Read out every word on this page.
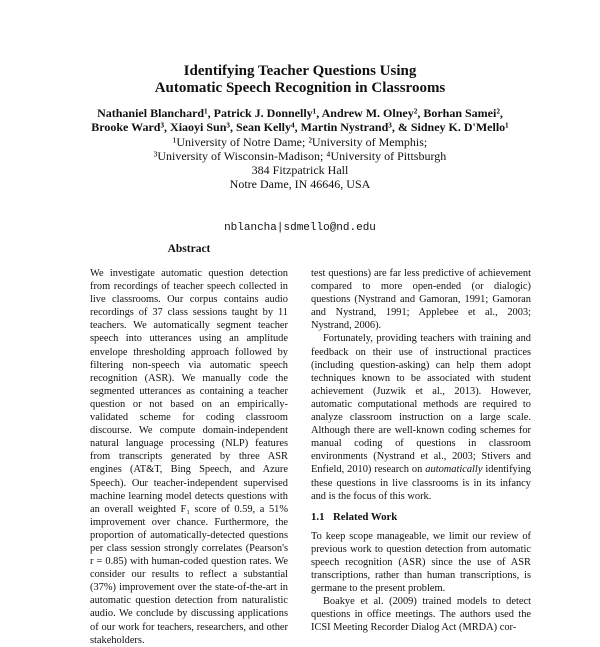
Identifying Teacher Questions Using
Automatic Speech Recognition in Classrooms
Nathaniel Blanchard¹, Patrick J. Donnelly¹, Andrew M. Olney², Borhan Samei²,
Brooke Ward³, Xiaoyi Sun³, Sean Kelly⁴, Martin Nystrand³, & Sidney K. D'Mello¹
¹University of Notre Dame; ²University of Memphis;
³University of Wisconsin-Madison; ⁴University of Pittsburgh
384 Fitzpatrick Hall
Notre Dame, IN 46646, USA
nblancha|sdmello@nd.edu
Abstract

We investigate automatic question detection from recordings of teacher speech collected in live classrooms. Our corpus contains audio recordings of 37 class sessions taught by 11 teachers. We automatically segment teacher speech into utterances using an amplitude envelope thresholding approach followed by filtering non-speech via automatic speech recognition (ASR). We manually code the segmented utterances as containing a teacher question or not based on an empirically-validated scheme for coding classroom discourse. We compute domain-independent natural language processing (NLP) features from transcripts generated by three ASR engines (AT&T, Bing Speech, and Azure Speech). Our teacher-independent supervised machine learning model detects questions with an overall weighted F₁ score of 0.59, a 51% improvement over chance. Furthermore, the proportion of automatically-detected questions per class session strongly correlates (Pearson's r = 0.85) with human-coded question rates. We consider our results to reflect a substantial (37%) improvement over the state-of-the-art in automatic question detection from naturalistic audio. We conclude by discussing applications of our work for teachers, researchers, and other stakeholders.

test questions) are far less predictive of achievement compared to more open-ended (or dialogic) questions (Nystrand and Gamoran, 1991; Gamoran and Nystrand, 1991; Applebee et al., 2003; Nystrand, 2006).

Fortunately, providing teachers with training and feedback on their use of instructional practices (including question-asking) can help them adopt techniques known to be associated with student achievement (Juzwik et al., 2013). However, automatic computational methods are required to analyze classroom instruction on a large scale. Although there are well-known coding schemes for manual coding of questions in classroom environments (Nystrand et al., 2003; Stivers and Enfield, 2010) research on automatically identifying these questions in live classrooms is in its infancy and is the focus of this work.

1.1 Related Work

To keep scope manageable, we limit our review of previous work to question detection from automatic speech recognition (ASR) since the use of ASR transcriptions, rather than human transcriptions, is germane to the present problem.

Boakye et al. (2009) trained models to detect questions in office meetings. The authors used the ICSI Meeting Recorder Dialog Act (MRDA) cor-
